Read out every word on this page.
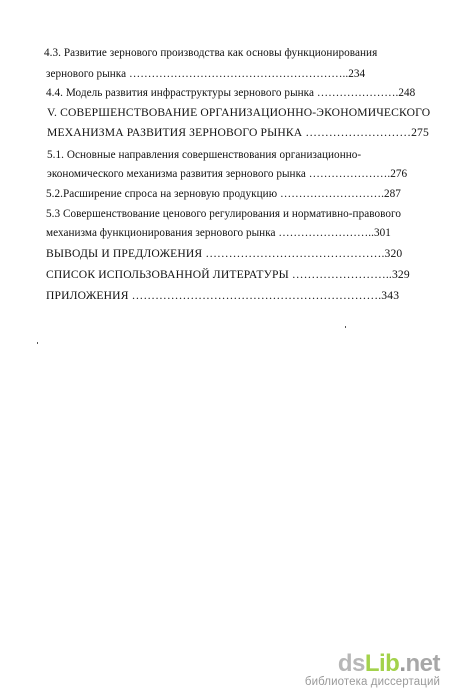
4.3. Развитие зернового производства как основы функционирования
зернового рынка …………………………………………………..234
4.4. Модель развития инфраструктуры зернового рынка ………………….248
V. СОВЕРШЕНСТВОВАНИЕ ОРГАНИЗАЦИОННО-ЭКОНОМИЧЕСКОГО
МЕХАНИЗМА РАЗВИТИЯ ЗЕРНОВОГО РЫНКА ………………………275
5.1. Основные направления совершенствования организационно-
экономического механизма развития зернового рынка ………………….276
5.2.Расширение спроса на зерновую продукцию ……………………….287
5.3 Совершенствование ценового регулирования и нормативно-правового
механизма функционирования зернового рынка ……………………..301
ВЫВОДЫ И ПРЕДЛОЖЕНИЯ ……………………………………….320
СПИСОК ИСПОЛЬЗОВАННОЙ ЛИТЕРАТУРЫ ……………………..329
ПРИЛОЖЕНИЯ ……………………………………………………….343
dsLib.net
библиотека диссертаций
